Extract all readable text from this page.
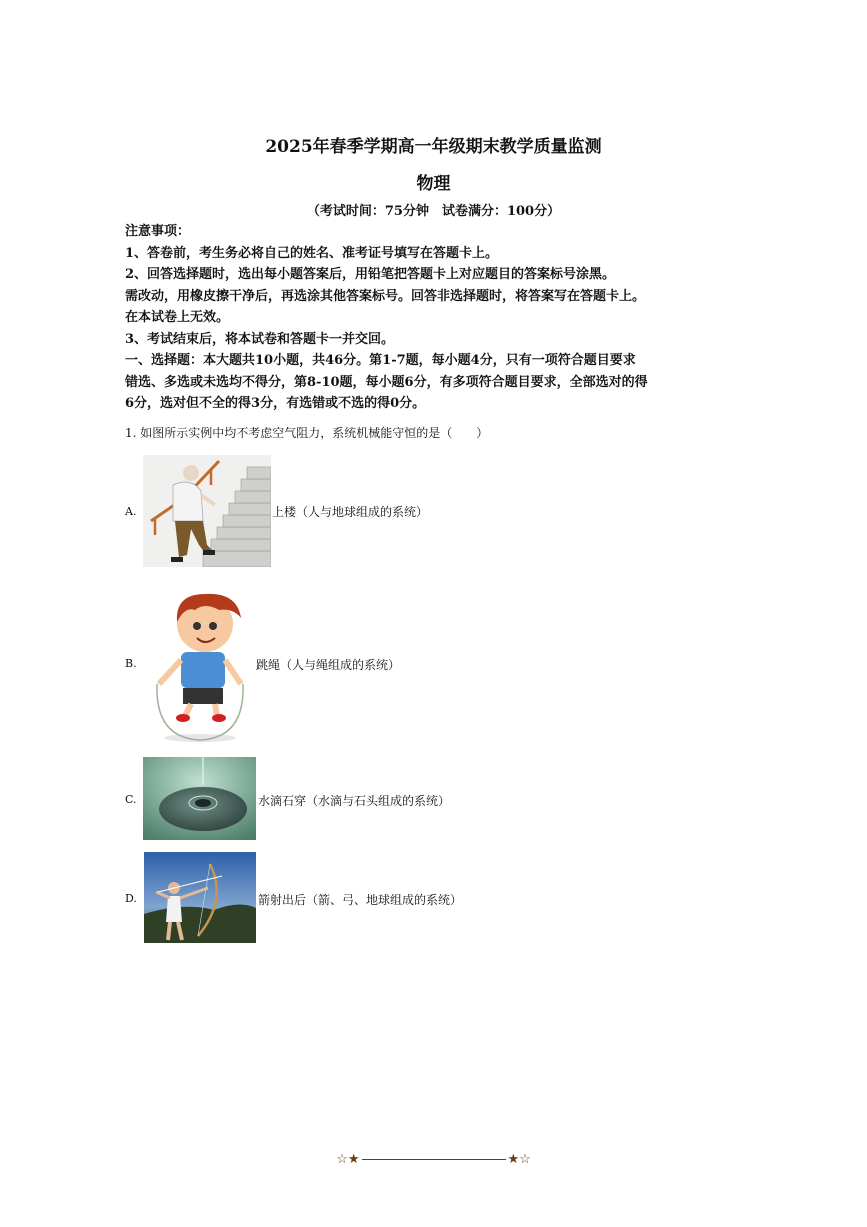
2025年春季学期高一年级期末教学质量监测
物理
（考试时间：75分钟　试卷满分：100分）
注意事项：
1、答卷前，考生务必将自己的姓名、准考证号填写在答题卡上。
2、回答选择题时，选出每小题答案后，用铅笔把答题卡上对应题目的答案标号涂黑。
需改动，用橡皮擦干净后，再选涂其他答案标号。回答非选择题时，将答案写在答题卡上。
在本试卷上无效。
3、考试结束后，将本试卷和答题卡一并交回。
一、选择题：本大题共10小题，共46分。第1-7题，每小题4分，只有一项符合题目要求
错选、多选或未选均不得分，第8-10题，每小题6分，有多项符合题目要求，全部选对的得
6分，选对但不全的得3分，有选错或不选的得0分。
1. 如图所示实例中均不考虑空气阻力，系统机械能守恒的是（　　）
A.	上楼（人与地球组成的系统）
B.	跳绳（人与绳组成的系统）
C.	水滴石穿（水滴与石头组成的系统）
D.	箭射出后（箭、弓、地球组成的系统）
☆★	★☆
